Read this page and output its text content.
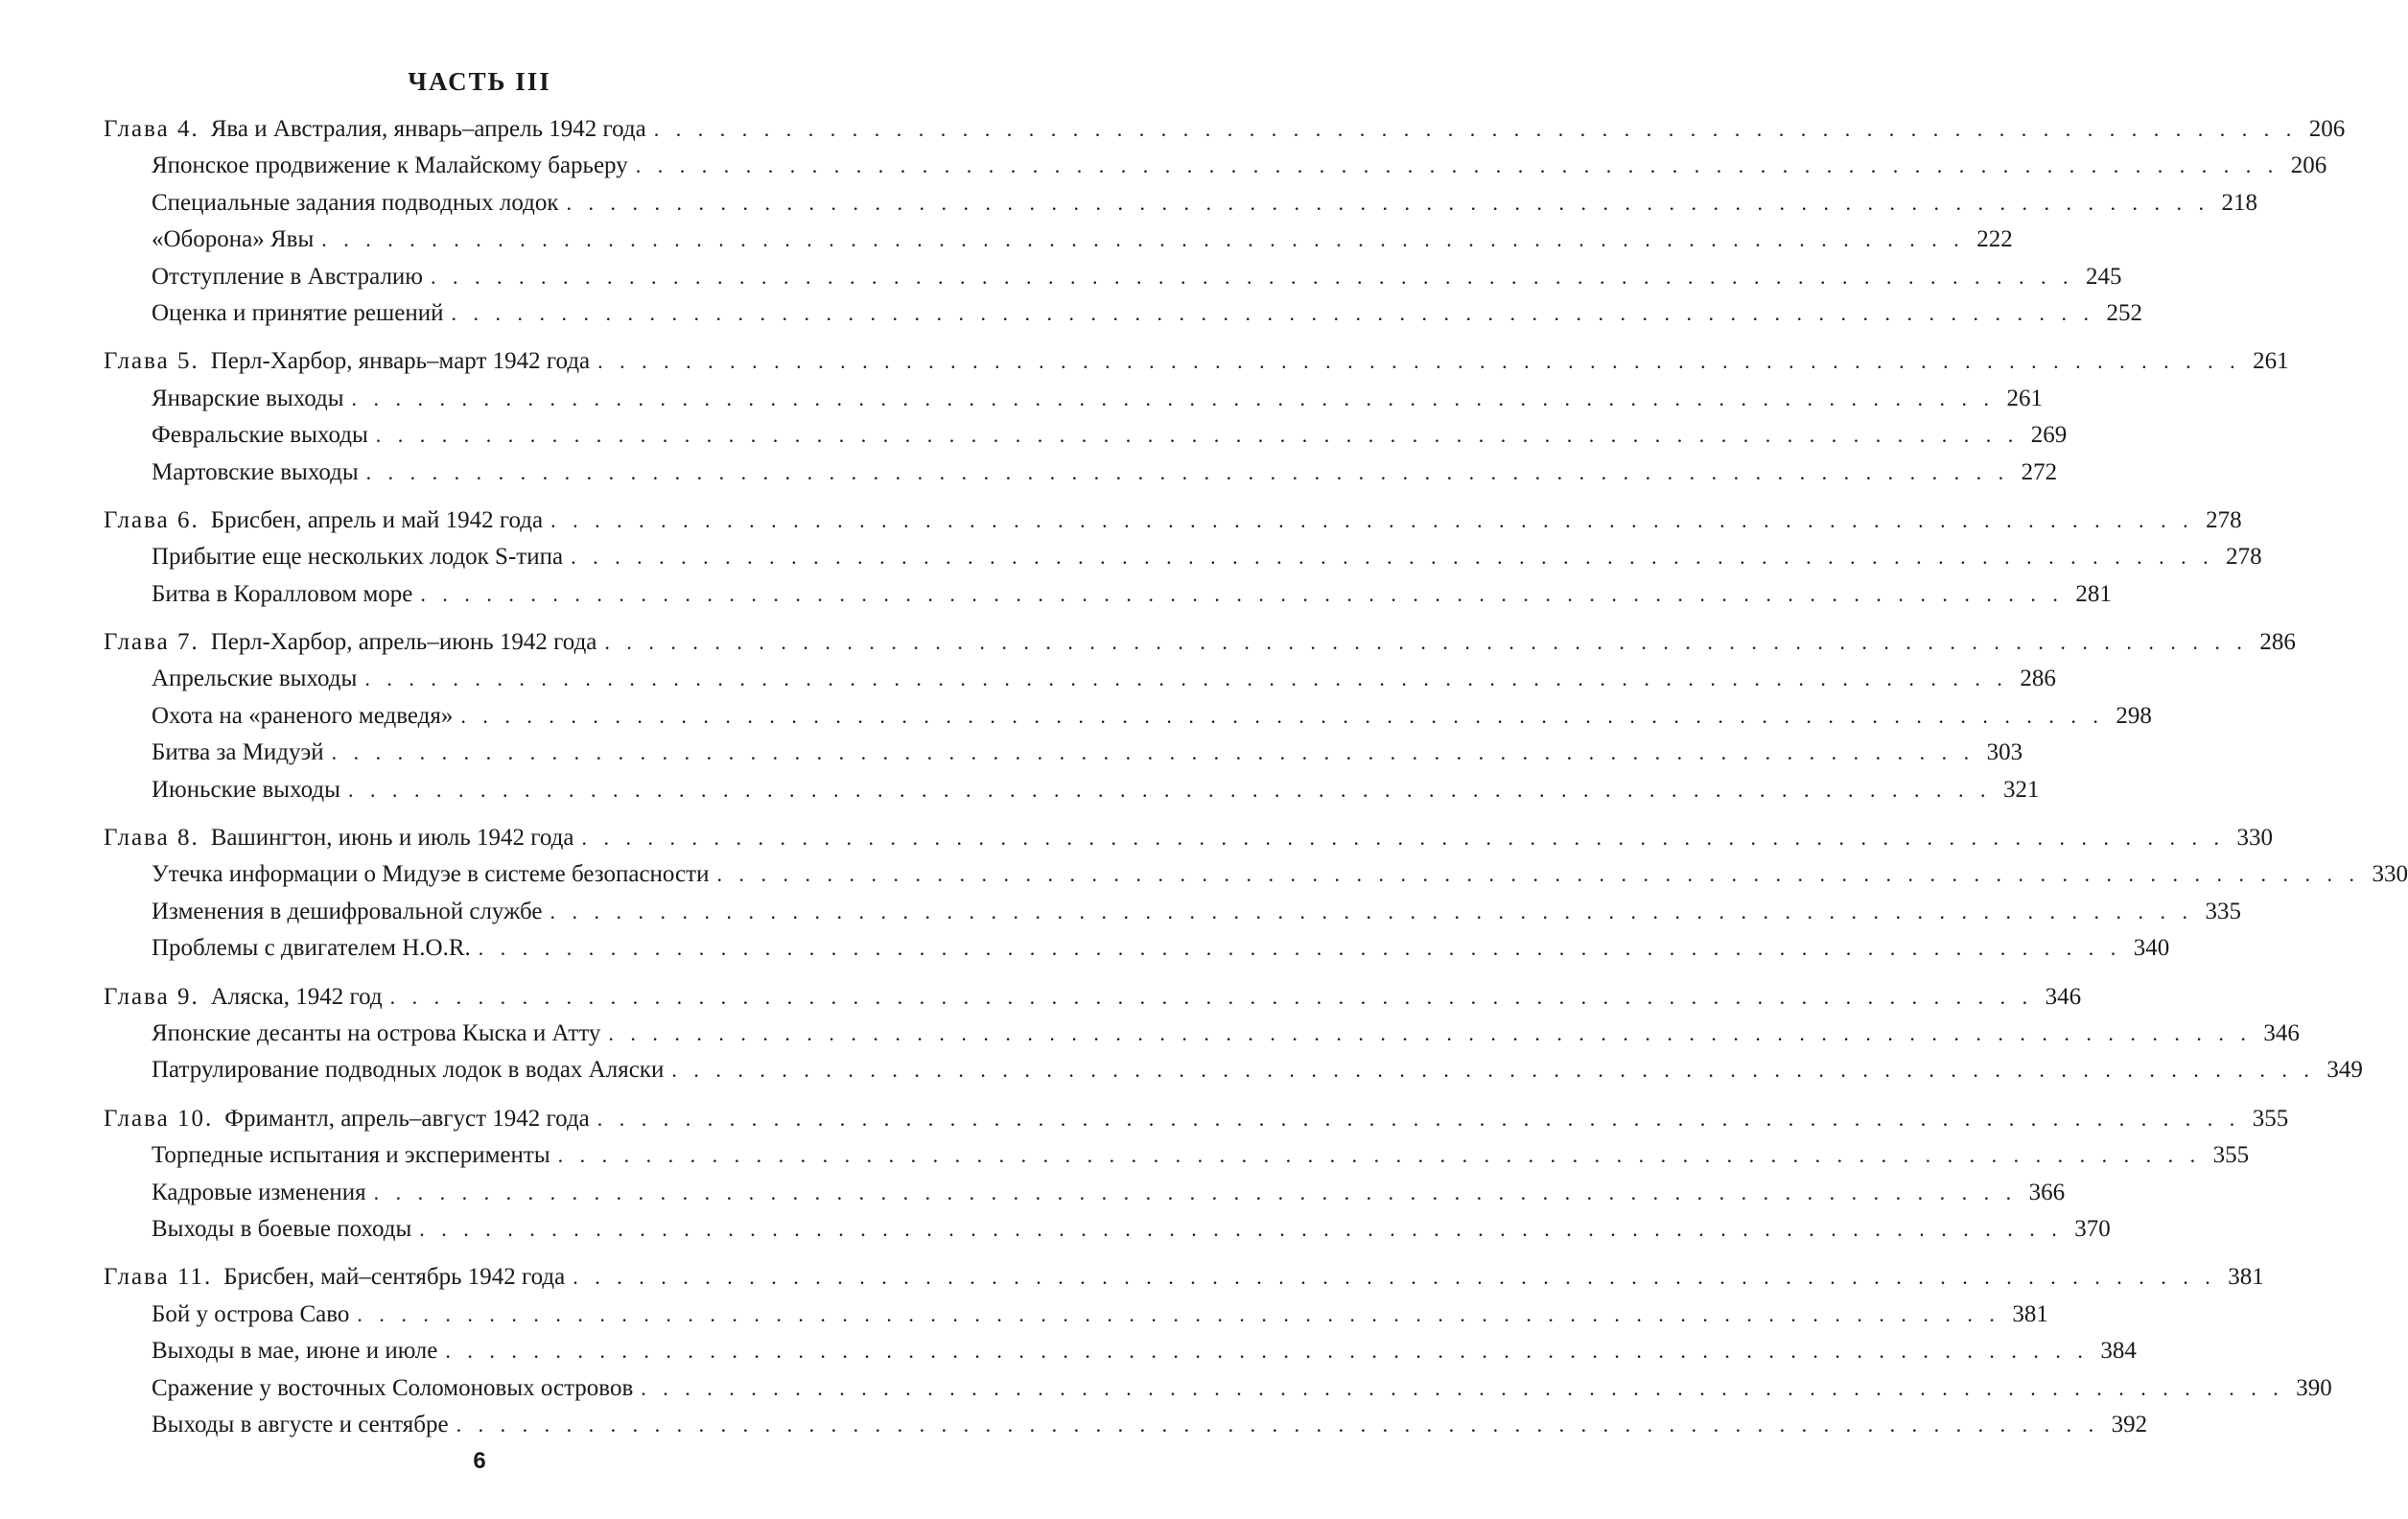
ЧАСТЬ III
Глава 4. Ява и Австралия, январь–апрель 1942 года . . .	206
Японское продвижение к Малайскому барьеру . . .	206
Специальные задания подводных лодок . . .	218
«Оборона» Явы . . .	222
Отступление в Австралию . . .	245
Оценка и принятие решений . . .	252
Глава 5. Перл-Харбор, январь–март 1942 года . . .	261
Январские выходы . . .	261
Февральские выходы . . .	269
Мартовские выходы . . .	272
Глава 6. Брисбен, апрель и май 1942 года . . .	278
Прибытие еще нескольких лодок S-типа . . .	278
Битва в Коралловом море . . .	281
Глава 7. Перл-Харбор, апрель–июнь 1942 года . . .	286
Апрельские выходы . . .	286
Охота на «раненого медведя» . . .	298
Битва за Мидуэй . . .	303
Июньские выходы . . .	321
Глава 8. Вашингтон, июнь и июль 1942 года . . .	330
Утечка информации о Мидуэе в системе безопасности . . .	330
Изменения в дешифровальной службе . . .	335
Проблемы с двигателем H.O.R. . . .	340
Глава 9. Аляска, 1942 год . . .	346
Японские десанты на острова Кыска и Атту . . .	346
Патрулирование подводных лодок в водах Аляски . . .	349
Глава 10. Фримантл, апрель–август 1942 года . . .	355
Торпедные испытания и эксперименты . . .	355
Кадровые изменения . . .	366
Выходы в боевые походы . . .	370
Глава 11. Брисбен, май–сентябрь 1942 года . . .	381
Бой у острова Саво . . .	381
Выходы в мае, июне и июле . . .	384
Сражение у восточных Соломоновых островов . . .	390
Выходы в августе и сентябре . . .	392
6
